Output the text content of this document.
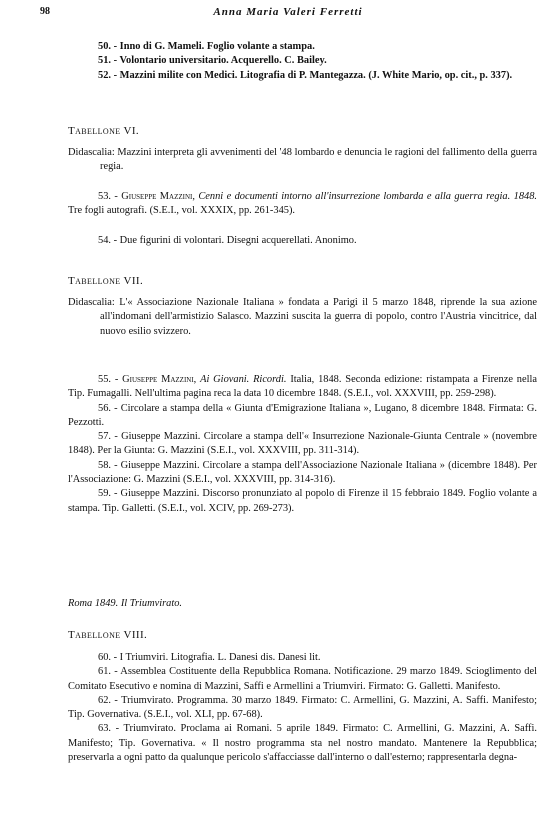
98	Anna Maria Valeri Ferretti
50. - Inno di G. Mameli. Foglio volante a stampa.
51. - Volontario universitario. Acquerello. C. Bailey.
52. - Mazzini milite con Medici. Litografia di P. Mantegazza. (J. White Mario, op. cit., p. 337).
Tabellone VI.
Didascalia: Mazzini interpreta gli avvenimenti del '48 lombardo e denuncia le ragioni del fallimento della guerra regia.
53. - Giuseppe Mazzini, Cenni e documenti intorno all'insurrezione lombarda e alla guerra regia. 1848. Tre fogli autografi. (S.E.I., vol. XXXIX, pp. 261-345).
54. - Due figurini di volontari. Disegni acquerellati. Anonimo.
Tabellone VII.
Didascalia: L'« Associazione Nazionale Italiana » fondata a Parigi il 5 marzo 1848, riprende la sua azione all'indomani dell'armistizio Salasco. Mazzini suscita la guerra di popolo, contro l'Austria vincitrice, dal nuovo esilio svizzero.
55. - Giuseppe Mazzini, Ai Giovani. Ricordi. Italia, 1848. Seconda edizione: ristampata a Firenze nella Tip. Fumagalli. Nell'ultima pagina reca la data 10 dicembre 1848. (S.E.I., vol. XXXVIII, pp. 259-298).
56. - Circolare a stampa della « Giunta d'Emigrazione Italiana », Lugano, 8 dicembre 1848. Firmata: G. Pezzotti.
57. - Giuseppe Mazzini. Circolare a stampa dell'« Insurrezione Nazionale-Giunta Centrale » (novembre 1848). Per la Giunta: G. Mazzini (S.E.I., vol. XXXVIII, pp. 311-314).
58. - Giuseppe Mazzini. Circolare a stampa dell'Associazione Nazionale Italiana » (dicembre 1848). Per l'Associazione: G. Mazzini (S.E.I., vol. XXXVIII, pp. 314-316).
59. - Giuseppe Mazzini. Discorso pronunziato al popolo di Firenze il 15 febbraio 1849. Foglio volante a stampa. Tip. Galletti. (S.E.I., vol. XCIV, pp. 269-273).
Roma 1849. Il Triumvirato.
Tabellone VIII.
60. - I Triumviri. Litografia. L. Danesi dis. Danesi lit.
61. - Assemblea Costituente della Repubblica Romana. Notificazione. 29 marzo 1849. Scioglimento del Comitato Esecutivo e nomina di Mazzini, Saffi e Armellini a Triumviri. Firmato: G. Galletti. Manifesto.
62. - Triumvirato. Programma. 30 marzo 1849. Firmato: C. Armellini, G. Mazzini, A. Saffi. Manifesto; Tip. Governativa. (S.E.I., vol. XLI, pp. 67-68).
63. - Triumvirato. Proclama ai Romani. 5 aprile 1849. Firmato: C. Armellini, G. Mazzini, A. Saffi. Manifesto; Tip. Governativa. « Il nostro programma sta nel nostro mandato. Mantenere la Repubblica; preservarla a ogni patto da qualunque pericolo s'affacciasse dall'interno o dall'esterno; rappresentarla degna-
